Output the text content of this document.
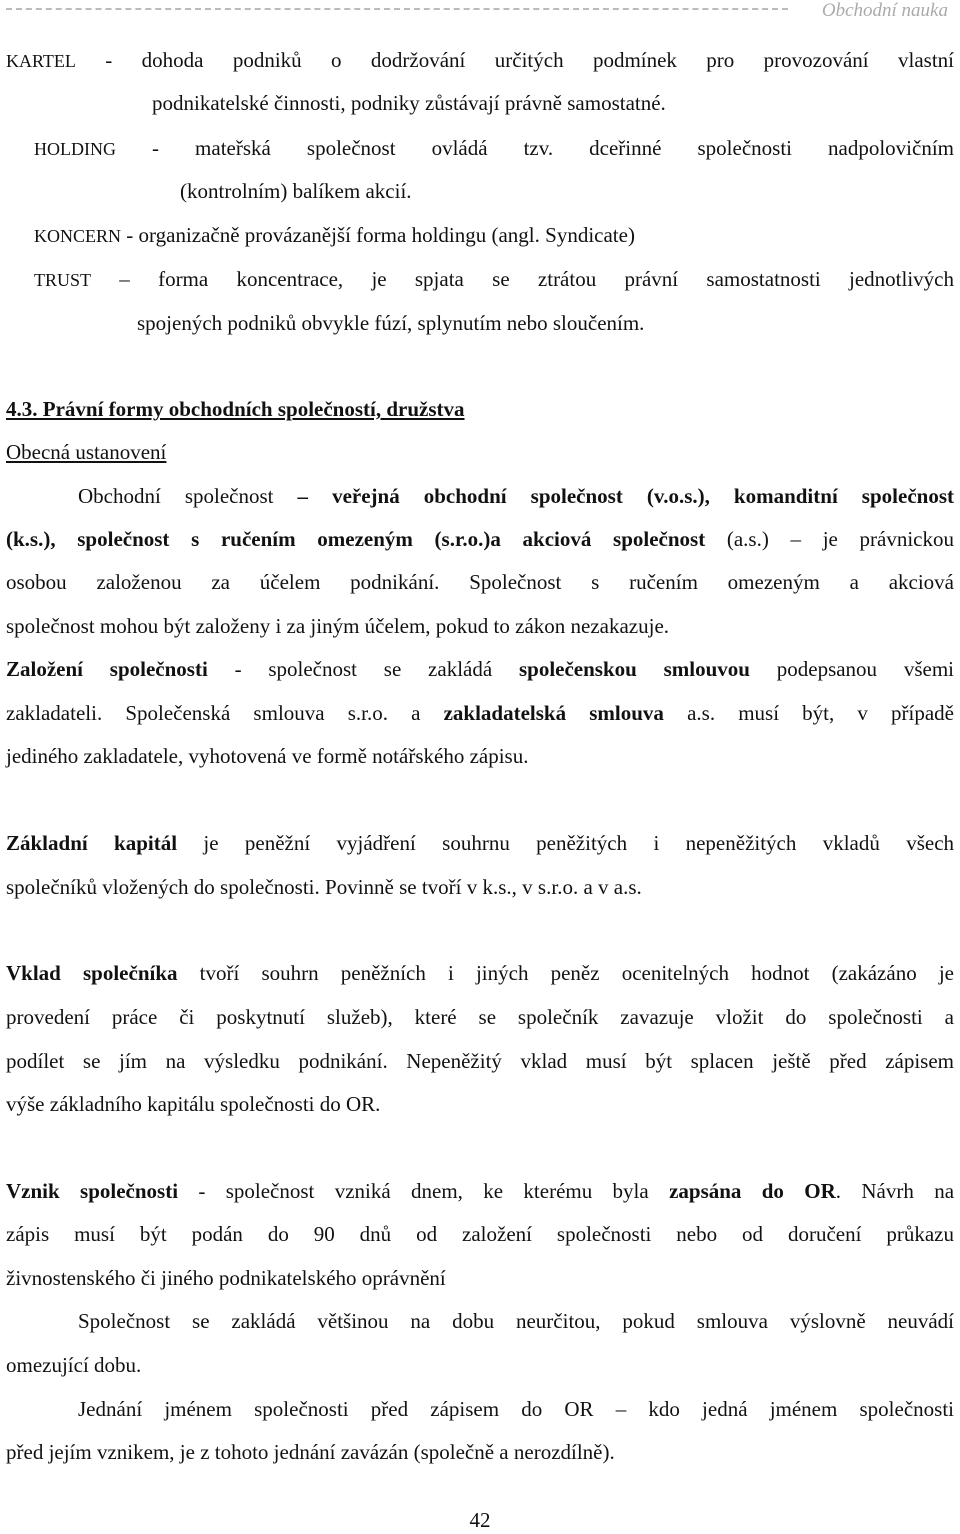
Obchodní nauka
KARTEL - dohoda podniků o dodržování určitých podmínek pro provozování vlastní
podnikatelské činnosti, podniky zůstávají právně samostatné.
HOLDING - mateřská společnost ovládá tzv. dceřinné společnosti nadpolovičním
(kontrolním) balíkem akcií.
KONCERN - organizačně provázanější forma holdingu (angl. Syndicate)
TRUST – forma koncentrace, je spjata se ztrátou právní samostatnosti jednotlivých
spojených podniků obvykle fúzí, splynutím nebo sloučením.
4.3. Právní formy obchodních společností, družstva
Obecná ustanovení
Obchodní společnost – veřejná obchodní společnost (v.o.s.), komanditní společnost
(k.s.), společnost s ručením omezeným (s.r.o.)a akciová společnost (a.s.) – je právnickou
osobou založenou za účelem podnikání. Společnost s ručením omezeným a akciová
společnost mohou být založeny i za jiným účelem, pokud to zákon nezakazuje.
Založení společnosti - společnost se zakládá společenskou smlouvou podepsanou všemi
zakladateli. Společenská smlouva s.r.o. a zakladatelská smlouva a.s. musí být, v případě
jediného zakladatele, vyhotovená ve formě notářského zápisu.
Základní kapitál je peněžní vyjádření souhrnu peněžitých i nepeněžitých vkladů všech
společníků vložených do společnosti. Povinně se tvoří v k.s., v s.r.o. a v a.s.
Vklad společníka tvoří souhrn peněžních i jiných peněz ocenitelných hodnot (zakázáno je
provedení práce či poskytnutí služeb), které se společník zavazuje vložit do společnosti a
podílet se jím na výsledku podnikání. Nepeněžitý vklad musí být splacen ještě před zápisem
výše základního kapitálu společnosti do OR.
Vznik společnosti - společnost vzniká dnem, ke kterému byla zapsána do OR. Návrh na
zápis musí být podán do 90 dnů od založení společnosti nebo od doručení průkazu
živnostenského či jiného podnikatelského oprávnění
Společnost se zakládá většinou na dobu neurčitou, pokud smlouva výslovně neuvádí
omezující dobu.
Jednání jménem společnosti před zápisem do OR – kdo jedná jménem společnosti
před jejím vznikem, je z tohoto jednání zavázán (společně a nerozdílně).
42
